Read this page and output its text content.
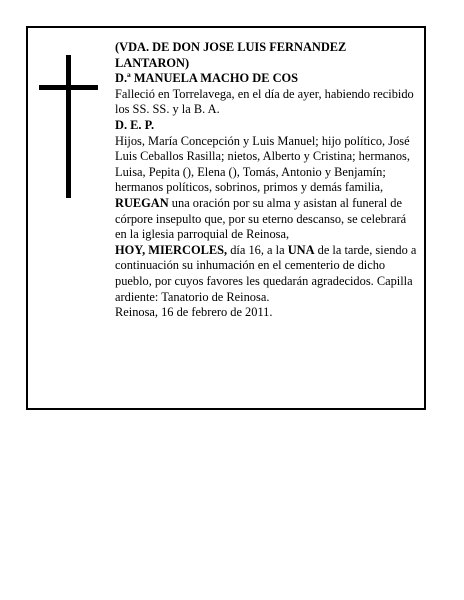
(VDA. DE DON JOSE LUIS FERNANDEZ LANTARON)

D.ª MANUELA MACHO DE COS

Falleció en Torrelavega, en el día de ayer, habiendo recibido los SS. SS. y la B. A.

D. E. P.

Hijos, María Concepción y Luis Manuel; hijo político, José Luis Ceballos Rasilla; nietos, Alberto y Cristina; hermanos, Luisa, Pepita (), Elena (), Tomás, Antonio y Benjamín; hermanos políticos, sobrinos, primos y demás familia,

RUEGAN una oración por su alma y asistan al funeral de córpore insepulto que, por su eterno descanso, se celebrará en la iglesia parroquial de Reinosa,

HOY, MIERCOLES, día 16, a la UNA de la tarde, siendo a continuación su inhumación en el cementerio de dicho pueblo, por cuyos favores les quedarán agradecidos. Capilla ardiente: Tanatorio de Reinosa.

Reinosa, 16 de febrero de 2011.
